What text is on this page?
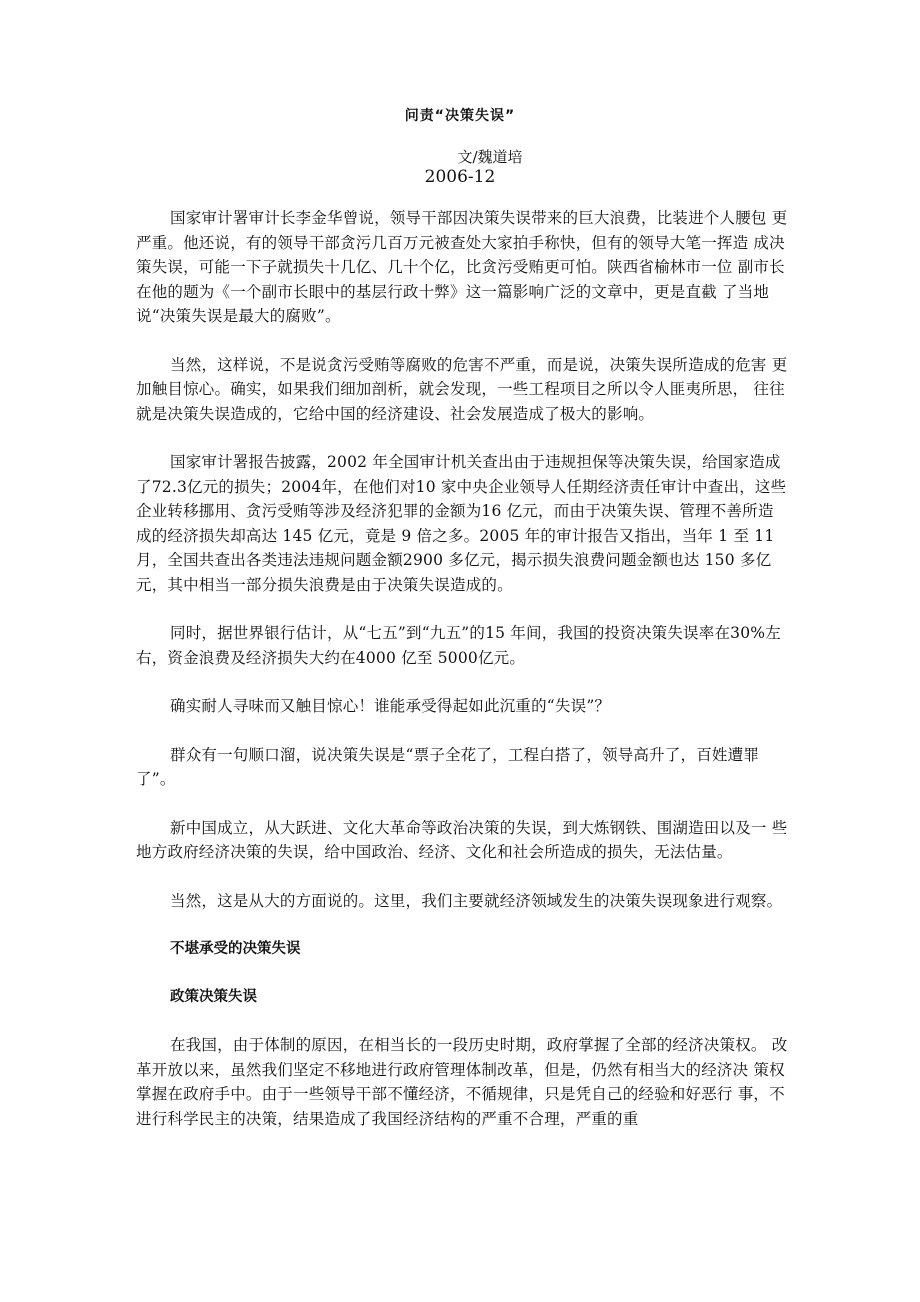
问责“决策失误”
文/魏道培
2006-12

国家审计署审计长李金华曾说，领导干部因决策失误带来的巨大浪费，比装进个人腰包 更严重。他还说，有的领导干部贪污几百万元被查处大家拍手称快，但有的领导大笔一挥造 成决策失误，可能一下子就损失十几亿、几十个亿，比贪污受贿更可怕。陕西省榆林市一位 副市长在他的题为《一个副市长眼中的基层行政十弊》这一篇影响广泛的文章中，更是直截 了当地说“决策失误是最大的腐败”。

当然，这样说，不是说贪污受贿等腐败的危害不严重，而是说，决策失误所造成的危害 更加触目惊心。确实，如果我们细加剖析，就会发现，一些工程项目之所以令人匪夷所思， 往往就是决策失误造成的，它给中国的经济建设、社会发展造成了极大的影响。

国家审计署报告披露，2002 年全国审计机关查出由于违规担保等决策失误，给国家造成了72.3亿元的损失；2004年，在他们对10 家中央企业领导人任期经济责任审计中查出，这些企业转移挪用、贪污受贿等涉及经济犯罪的金额为16 亿元，而由于决策失误、管理不善所造成的经济损失却高达 145 亿元，竟是 9 倍之多。2005 年的审计报告又指出，当年 1 至 11 月，全国共查出各类违法违规问题金额2900 多亿元，揭示损失浪费问题金额也达 150 多亿元，其中相当一部分损失浪费是由于决策失误造成的。

同时，据世界银行估计，从“七五”到“九五”的15 年间，我国的投资决策失误率在30%左右，资金浪费及经济损失大约在4000 亿至 5000亿元。

确实耐人寻味而又触目惊心！谁能承受得起如此沉重的“失误”？

群众有一句顺口溜，说决策失误是“票子全花了，工程白搭了，领导高升了，百姓遭罪 了”。

新中国成立，从大跃进、文化大革命等政治决策的失误，到大炼钢铁、围湖造田以及一 些地方政府经济决策的失误，给中国政治、经济、文化和社会所造成的损失，无法估量。

当然，这是从大的方面说的。这里，我们主要就经济领域发生的决策失误现象进行观察。

不堪承受的决策失误
政策决策失误

在我国，由于体制的原因，在相当长的一段历史时期，政府掌握了全部的经济决策权。 改革开放以来，虽然我们坚定不移地进行政府管理体制改革，但是，仍然有相当大的经济决 策权掌握在政府手中。由于一些领导干部不懂经济，不循规律，只是凭自己的经验和好恶行 事，不进行科学民主的决策，结果造成了我国经济结构的严重不合理，严重的重
